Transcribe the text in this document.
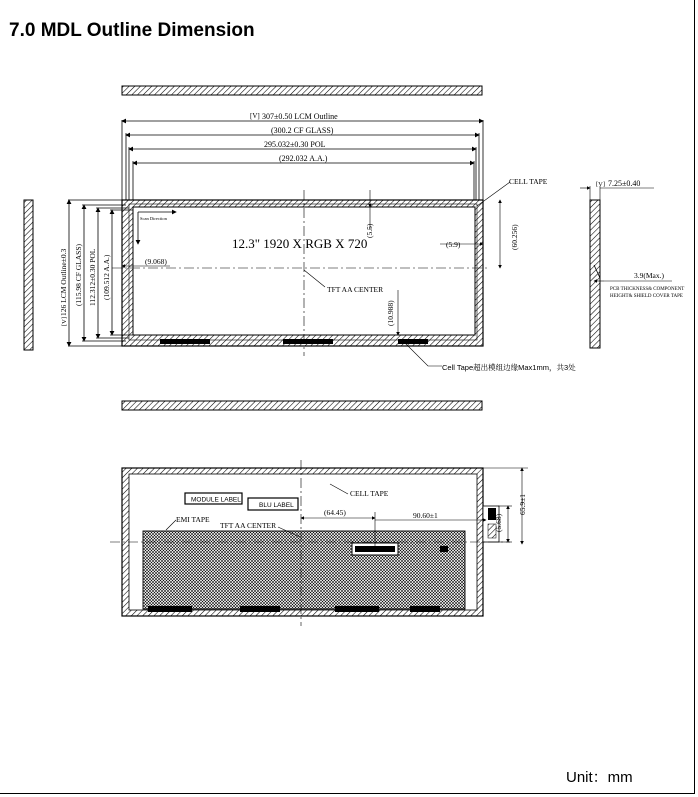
7.0 MDL Outline Dimension
Unit：mm
[V] 307±0.50 LCM Outline
(300.2 CF GLASS)
295.032±0.30 POL
(292.032 A.A.)
Scan Direction
12.3" 1920 X RGB X 720
(9.068)
(5.5)
(5.9)	(60.256)
(10.988)
TFT AA CENTER
CELL TAPE
Cell Tape超出模组边缘Max1mm，共3处
[V]
126 LCM Outline±0.3 (115.98 CF GLASS) 112.312±0.30 POL (109.512 A.A.)
[V] 7.25±0.40
3.9(Max.)
PCB THICKNESS& COMPONENT
HEIGHT& SHIELD COVER TAPE
MODULE LABEL
BLU LABEL
CELL TAPE
EMI TAPE
TFT AA CENTER
(64.45)	90.60±1	(5.68)
65.9±1
